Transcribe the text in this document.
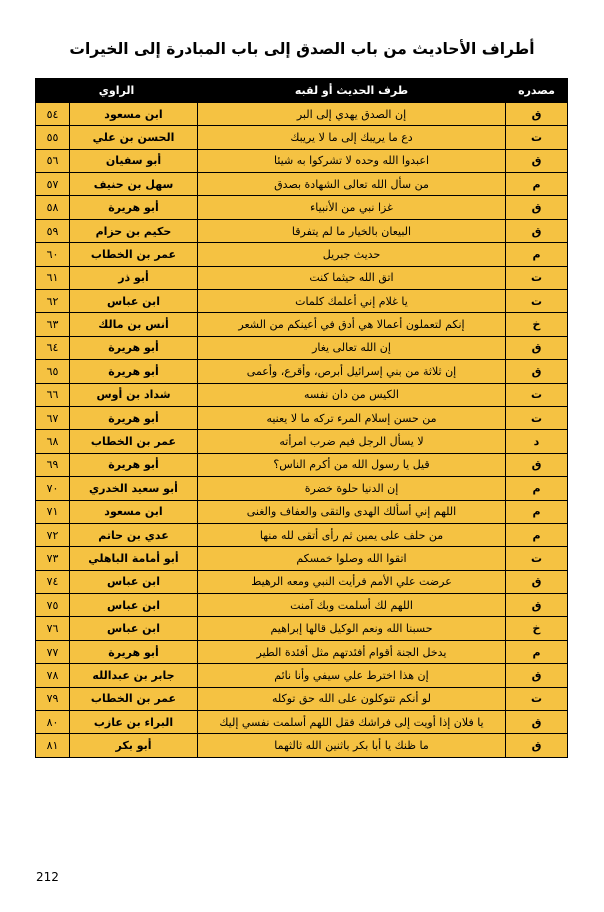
أطراف الأحاديث من باب الصدق إلى باب المبادرة إلى الخيرات
مصدره	طرف الحديث أو لقبه	الراوي	
ق	إن الصدق يهدي إلى البر	ابن مسعود	٥٤
ت	دع ما يريبك إلى ما لا يريبك	الحسن بن علي	٥٥
ق	اعبدوا الله وحده لا تشركوا به شيئا	أبو سفيان	٥٦
م	من سأل الله تعالى الشهادة بصدق	سهل بن حنيف	٥٧
ق	غزا نبي من الأنبياء	أبو هريرة	٥٨
ق	البيعان بالخيار ما لم يتفرقا	حكيم بن حزام	٥٩
م	حديث جبريل	عمر بن الخطاب	٦٠
ت	اتق الله حيثما كنت	أبو ذر	٦١
ت	يا غلام إني أعلمك كلمات	ابن عباس	٦٢
خ	إنكم لتعملون أعمالا هي أدق في أعينكم من الشعر	أنس بن مالك	٦٣
ق	إن الله تعالى يغار	أبو هريرة	٦٤
ق	إن ثلاثة من بني إسرائيل أبرص، وأقرع، وأعمى	أبو هريرة	٦٥
ت	الكيس من دان نفسه	شداد بن أوس	٦٦
ت	من حسن إسلام المرء تركه ما لا يعنيه	أبو هريرة	٦٧
د	لا يسأل الرجل فيم ضرب امرأته	عمر بن الخطاب	٦٨
ق	قيل يا رسول الله من أكرم الناس؟	أبو هريرة	٦٩
م	إن الدنيا حلوة خضرة	أبو سعيد الخدري	٧٠
م	اللهم إني أسألك الهدى والتقى والعفاف والغنى	ابن مسعود	٧١
م	من حلف على يمين ثم رأى أتقى لله منها	عدي بن حاتم	٧٢
ت	اتقوا الله وصلوا خمسكم	أبو أمامة الباهلي	٧٣
ق	عرضت علي الأمم فرأيت النبي ومعه الرهيط	ابن عباس	٧٤
ق	اللهم لك أسلمت وبك آمنت	ابن عباس	٧٥
خ	حسبنا الله ونعم الوكيل قالها إبراهيم	ابن عباس	٧٦
م	يدخل الجنة أقوام أفئدتهم مثل أفئدة الطير	أبو هريرة	٧٧
ق	إن هذا اخترط علي سيفي وأنا نائم	جابر بن عبدالله	٧٨
ت	لو أنكم تتوكلون على الله حق توكله	عمر بن الخطاب	٧٩
ق	يا فلان إذا أويت إلى فراشك فقل اللهم أسلمت نفسي إليك	البراء بن عازب	٨٠
ق	ما ظنك يا أبا بكر باثنين الله ثالثهما	أبو بكر	٨١
212
